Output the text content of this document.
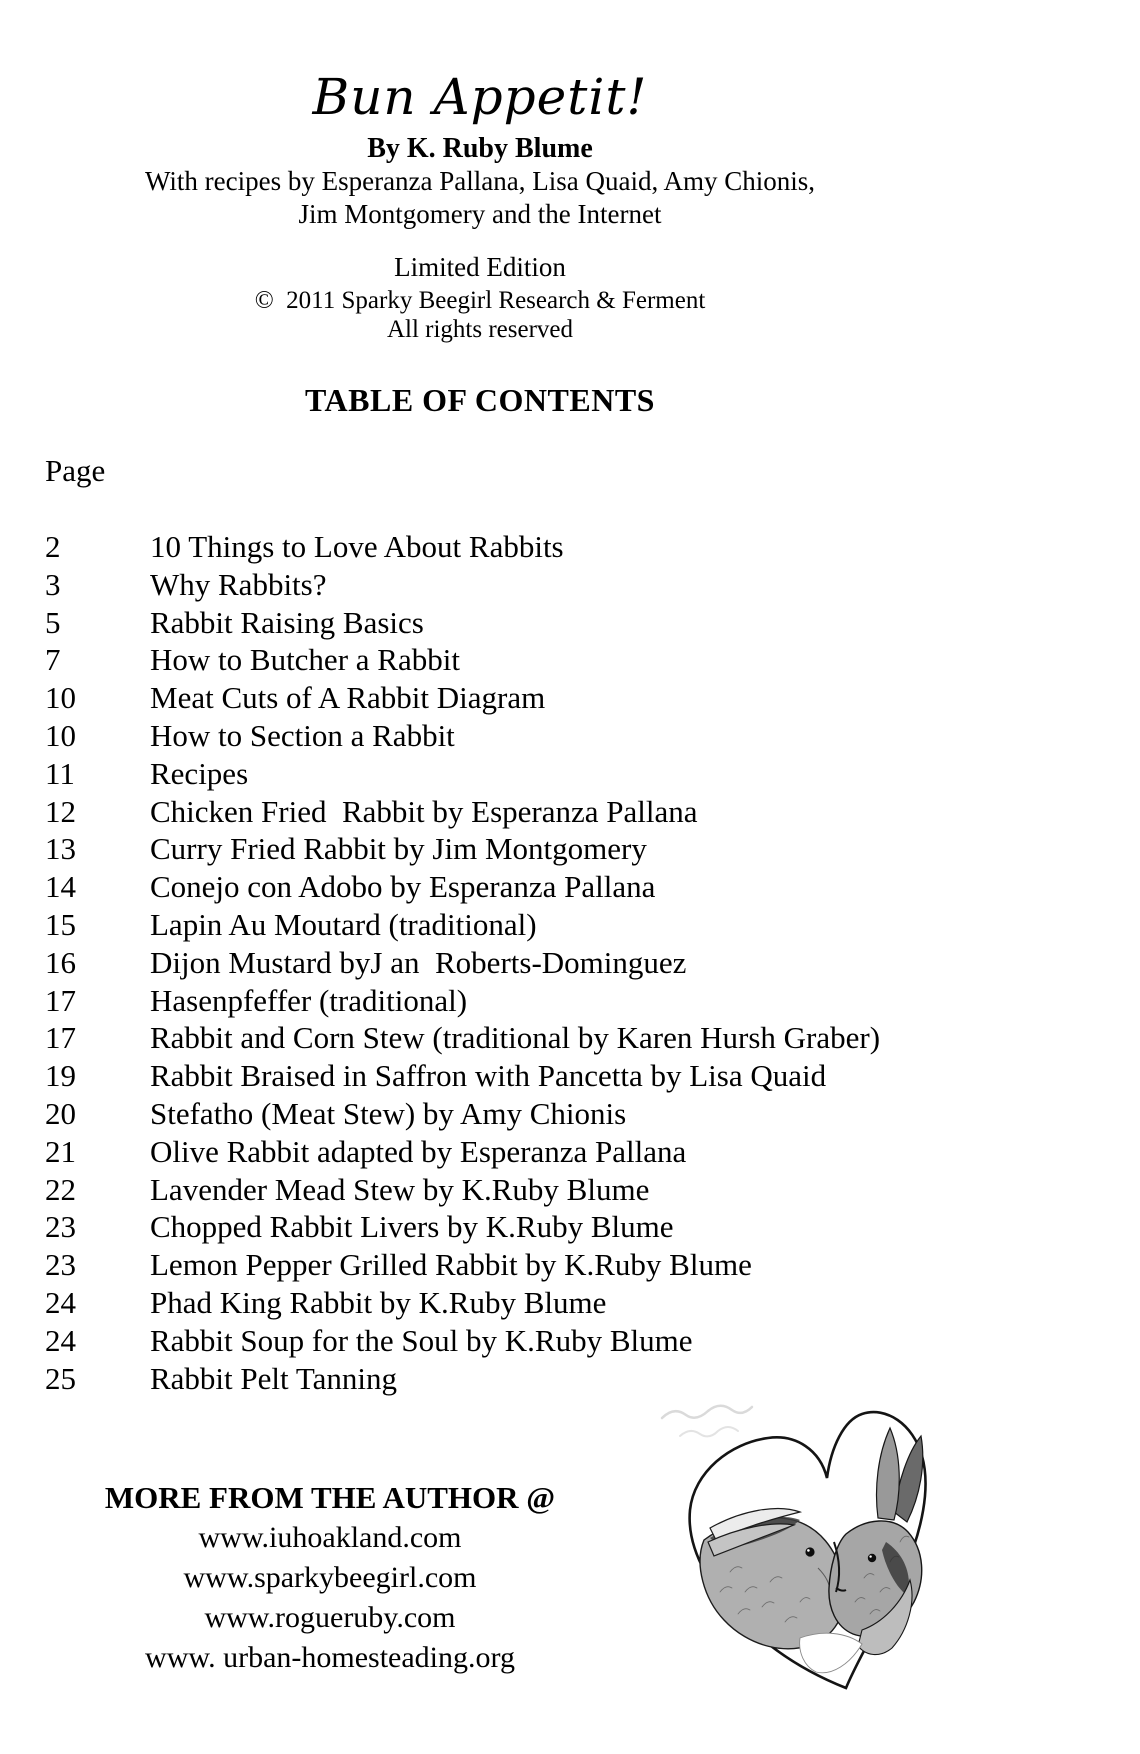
Bun Appetit!
By K. Ruby Blume
With recipes by Esperanza Pallana, Lisa Quaid, Amy Chionis,
Jim Montgomery and the Internet
Limited Edition
©  2011 Sparky Beegirl Research & Ferment
All rights reserved
TABLE OF CONTENTS
Page
2	10 Things to Love About Rabbits
3	Why Rabbits?
5	Rabbit Raising Basics
7	How to Butcher a Rabbit
10 Meat Cuts of A Rabbit Diagram
10 How to Section a Rabbit
11 Recipes
12 Chicken Fried  Rabbit by Esperanza Pallana
13 Curry Fried Rabbit by Jim Montgomery
14 Conejo con Adobo by Esperanza Pallana
15 Lapin Au Moutard (traditional)
16 Dijon Mustard byJ an  Roberts-Dominguez
17 Hasenpfeffer (traditional)
17 Rabbit and Corn Stew (traditional by Karen Hursh Graber)
19 Rabbit Braised in Saffron with Pancetta by Lisa Quaid
20 Stefatho (Meat Stew) by Amy Chionis
21 Olive Rabbit adapted by Esperanza Pallana
22 Lavender Mead Stew by K.Ruby Blume
23 Chopped Rabbit Livers by K.Ruby Blume
23 Lemon Pepper Grilled Rabbit by K.Ruby Blume
24 Phad King Rabbit by K.Ruby Blume
24 Rabbit Soup for the Soul by K.Ruby Blume
25 Rabbit Pelt Tanning
MORE FROM THE AUTHOR @
www.iuhoakland.com
www.sparkybeegirl.com
www.rogueruby.com
www. urban-homesteading.org
